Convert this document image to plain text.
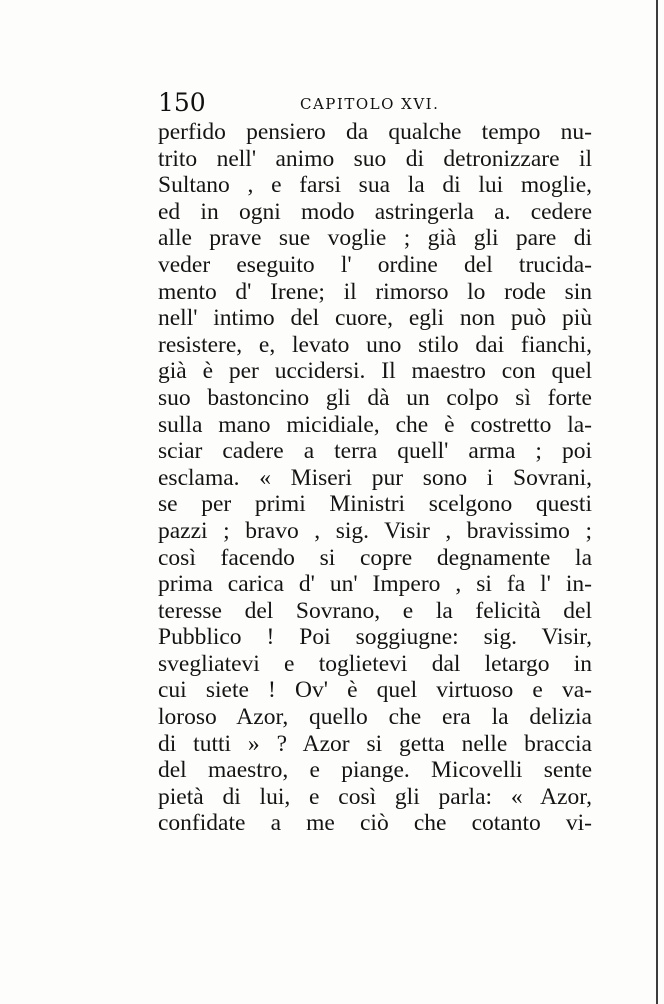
150	CAPITOLO XVI.
perfido pensiero da qualche tempo nu-
trito nell' animo suo di detronizzare il
Sultano , e farsi sua la di lui moglie,
ed in ogni modo astringerla a. cedere
alle prave sue voglie ; già gli pare di
veder eseguito l' ordine del trucida-
mento d' Irene; il rimorso lo rode sin
nell' intimo del cuore, egli non può più
resistere, e, levato uno stilo dai fianchi,
già è per uccidersi. Il maestro con quel
suo bastoncino gli dà un colpo sì forte
sulla mano micidiale, che è costretto la-
sciar cadere a terra quell' arma ; poi
esclama. « Miseri pur sono i Sovrani,
se per primi Ministri scelgono questi
pazzi ; bravo , sig. Visir , bravissimo ;
così facendo si copre degnamente la
prima carica d' un' Impero , si fa l' in-
teresse del Sovrano, e la felicità del
Pubblico ! Poi soggiugne: sig. Visir,
svegliatevi e toglietevi dal letargo in
cui siete ! Ov' è quel virtuoso e va-
loroso Azor, quello che era la delizia
di tutti » ? Azor si getta nelle braccia
del maestro, e piange. Micovelli sente
pietà di lui, e così gli parla: « Azor,
confidate a me ciò che cotanto vi-
